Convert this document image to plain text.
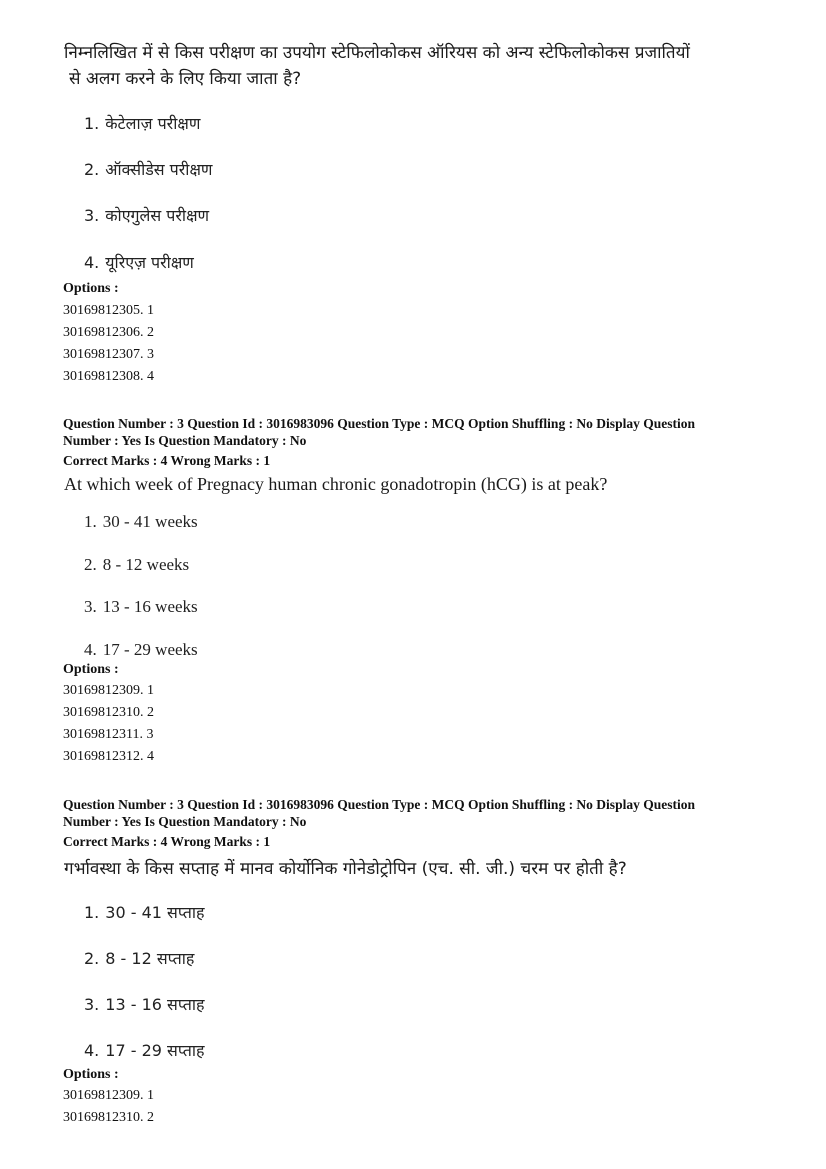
निम्नलिखित में से किस परीक्षण का उपयोग स्टेफिलोकोकस ऑरियस को अन्य स्टेफिलोकोकस प्रजातियों
से अलग करने के लिए किया जाता है?

1. केटेलाज़ परीक्षण

2. ऑक्सीडेस परीक्षण

3. कोएगुलेस परीक्षण

4. यूरिएज़ परीक्षण

Options :

30169812305. 1

30169812306. 2

30169812307. 3

30169812308. 4

Question Number : 3 Question Id : 3016983096 Question Type : MCQ Option Shuffling : No Display Question

Number : Yes Is Question Mandatory : No

Correct Marks : 4 Wrong Marks : 1

At which week of Pregnacy human chronic gonadotropin (hCG) is at peak?

1. 30 - 41 weeks

2. 8 - 12 weeks

3. 13 - 16 weeks

4. 17 - 29 weeks

Options :

30169812309. 1

30169812310. 2

30169812311. 3

30169812312. 4

Question Number : 3 Question Id : 3016983096 Question Type : MCQ Option Shuffling : No Display Question

Number : Yes Is Question Mandatory : No

Correct Marks : 4 Wrong Marks : 1

गर्भावस्था के किस सप्ताह में मानव कोर्योनिक गोनेडोट्रोपिन (एच. सी. जी.) चरम पर होती है?

1. 30 - 41 सप्ताह

2. 8 - 12 सप्ताह

3. 13 - 16 सप्ताह

4. 17 - 29 सप्ताह

Options :

30169812309. 1

30169812310. 2
